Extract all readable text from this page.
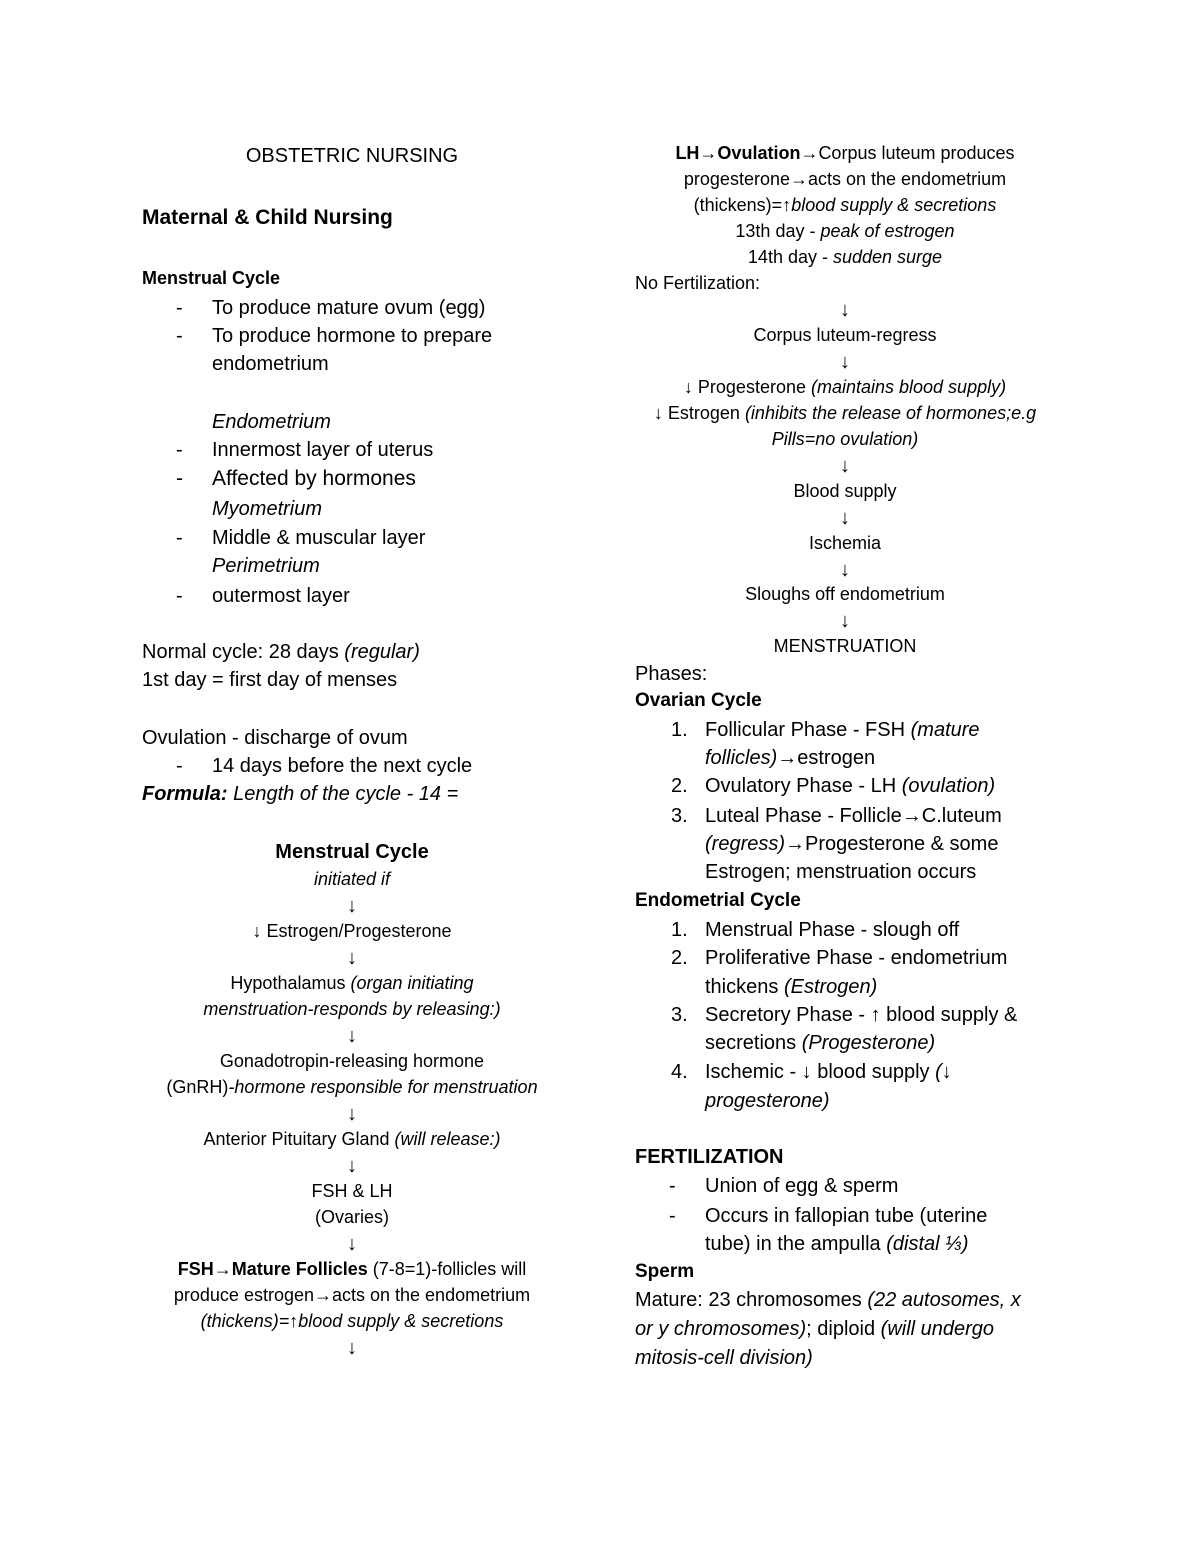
OBSTETRIC NURSING
Maternal & Child Nursing
Menstrual Cycle
To produce mature ovum (egg)
To produce hormone to prepare
endometrium
Endometrium
Innermost layer of uterus
Affected by hormones
Myometrium
Middle & muscular layer
Perimetrium
outermost layer
Normal cycle: 28 days (regular)
1st day = first day of menses
Ovulation - discharge of ovum
14 days before the next cycle
Formula: Length of the cycle - 14 =
Menstrual Cycle
initiated if
↓
↓ Estrogen/Progesterone
↓
Hypothalamus (organ initiating
menstruation-responds by releasing:)
↓
Gonadotropin-releasing hormone
(GnRH)-hormone responsible for menstruation
↓
Anterior Pituitary Gland (will release:)
↓
FSH & LH
(Ovaries)
↓
FSH→Mature Follicles (7-8=1)-follicles will
produce estrogen→acts on the endometrium
(thickens)=↑blood supply & secretions
↓
LH→Ovulation→Corpus luteum produces
progesterone→acts on the endometrium
(thickens)=↑blood supply & secretions
13th day - peak of estrogen
14th day - sudden surge
No Fertilization:
↓
Corpus luteum-regress
↓
↓ Progesterone (maintains blood supply)
↓ Estrogen (inhibits the release of hormones;e.g
Pills=no ovulation)
↓
Blood supply
↓
Ischemia
↓
Sloughs off endometrium
↓
MENSTRUATION
Phases:
Ovarian Cycle
1. Follicular Phase - FSH (mature
follicles)→estrogen
2. Ovulatory Phase - LH (ovulation)
3. Luteal Phase - Follicle→C.luteum
(regress)→Progesterone & some
Estrogen; menstruation occurs
Endometrial Cycle
1. Menstrual Phase - slough off
2. Proliferative Phase - endometrium
thickens (Estrogen)
3. Secretory Phase - ↑ blood supply &
secretions (Progesterone)
4. Ischemic - ↓ blood supply (↓
progesterone)
FERTILIZATION
Union of egg & sperm
Occurs in fallopian tube (uterine
tube) in the ampulla (distal ⅓)
Sperm
Mature: 23 chromosomes (22 autosomes, x
or y chromosomes); diploid (will undergo
mitosis-cell division)
